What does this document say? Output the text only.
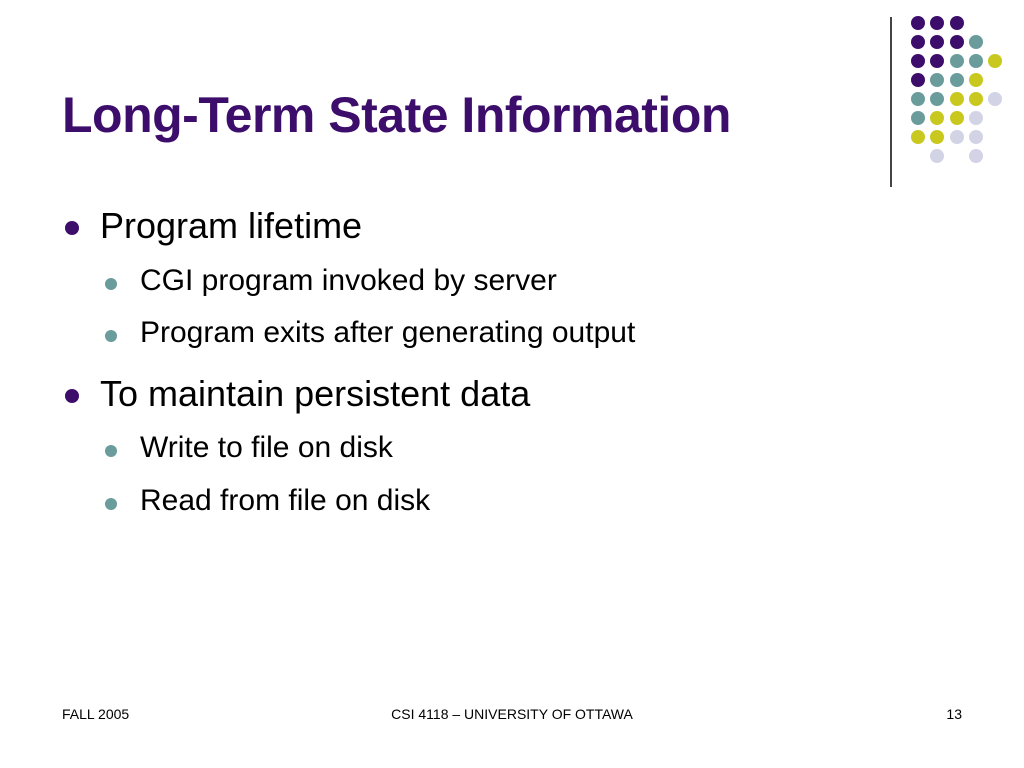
Long-Term State Information
Program lifetime
CGI program invoked by server
Program exits after generating output
To maintain persistent data
Write to file on disk
Read from file on disk
FALL 2005	CSI 4118 – UNIVERSITY OF OTTAWA	13
